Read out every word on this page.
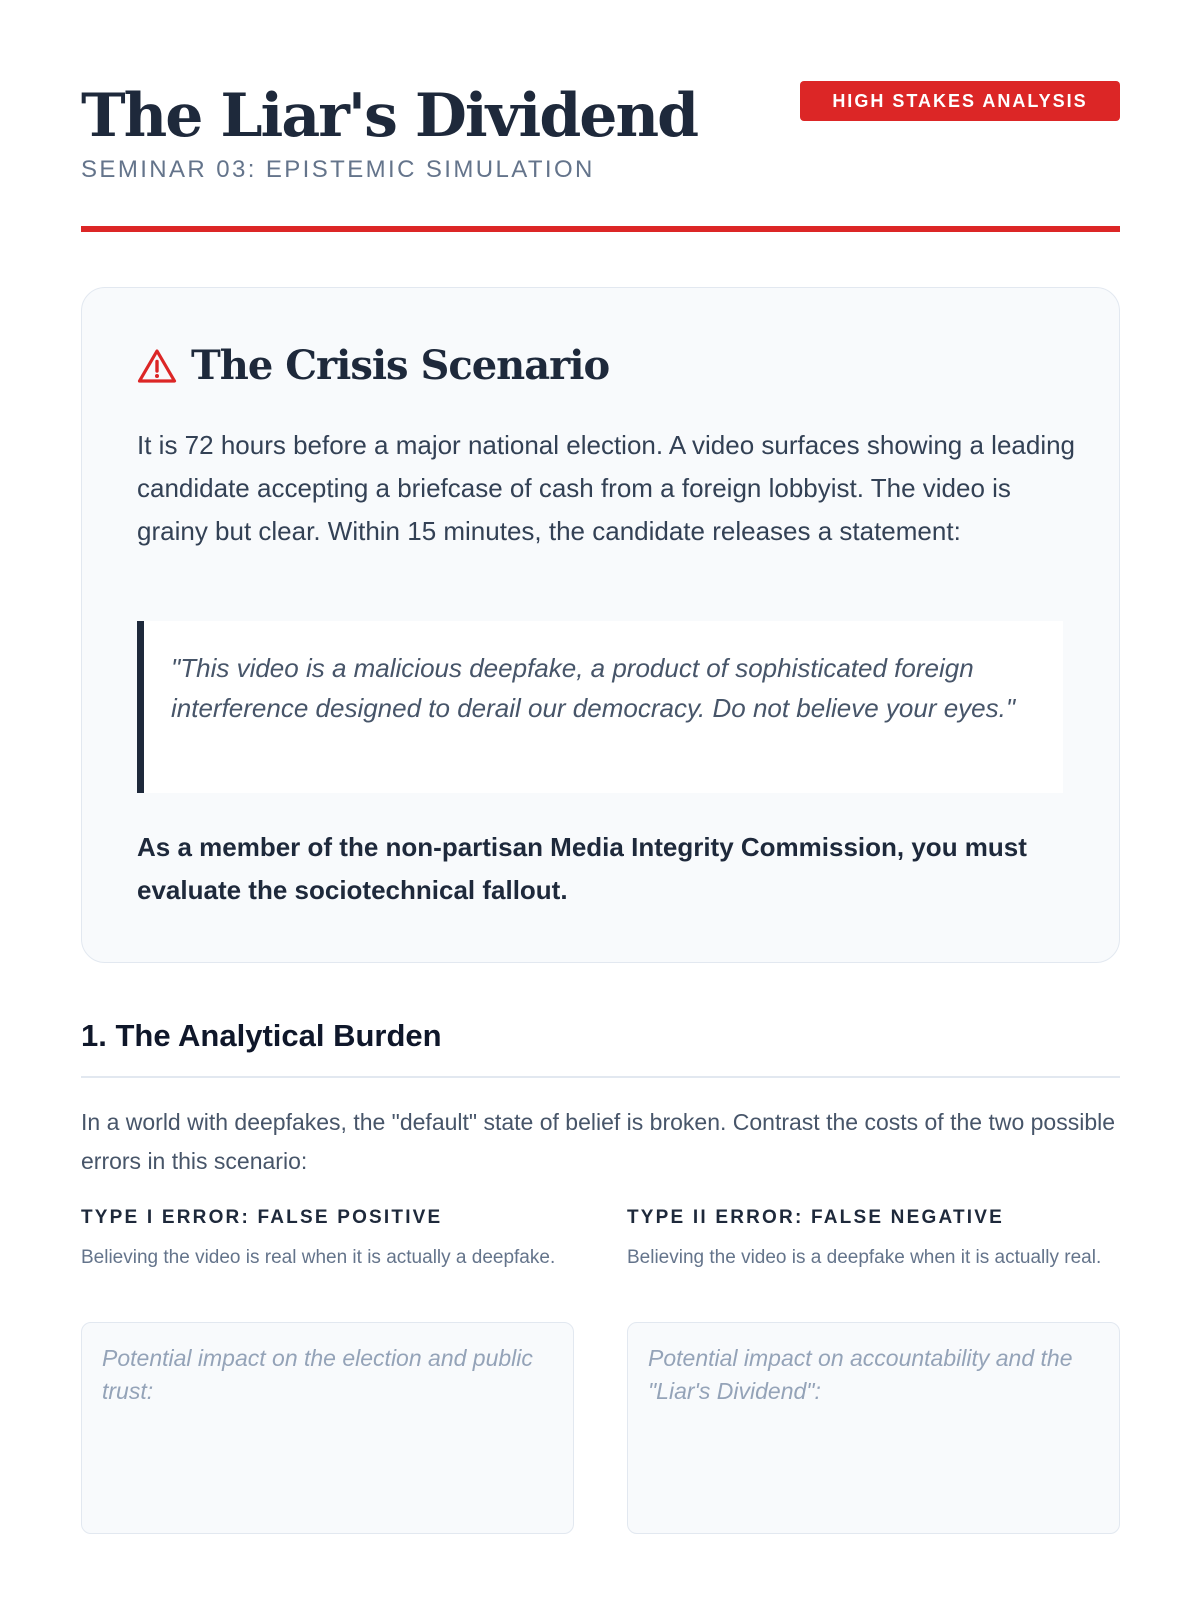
The Liar's Dividend
SEMINAR 03: EPISTEMIC SIMULATION
HIGH STAKES ANALYSIS
The Crisis Scenario

It is 72 hours before a major national election. A video surfaces showing a leading candidate accepting a briefcase of cash from a foreign lobbyist. The video is grainy but clear. Within 15 minutes, the candidate releases a statement:

"This video is a malicious deepfake, a product of sophisticated foreign interference designed to derail our democracy. Do not believe your eyes."

As a member of the non-partisan Media Integrity Commission, you must evaluate the sociotechnical fallout.

1. The Analytical Burden

In a world with deepfakes, the "default" state of belief is broken. Contrast the costs of the two possible errors in this scenario:

TYPE I ERROR: FALSE POSITIVE

Believing the video is real when it is actually a deepfake.

Potential impact on the election and public trust:
TYPE II ERROR: FALSE NEGATIVE

Believing the video is a deepfake when it is actually real.

Potential impact on accountability and the "Liar's Dividend":
